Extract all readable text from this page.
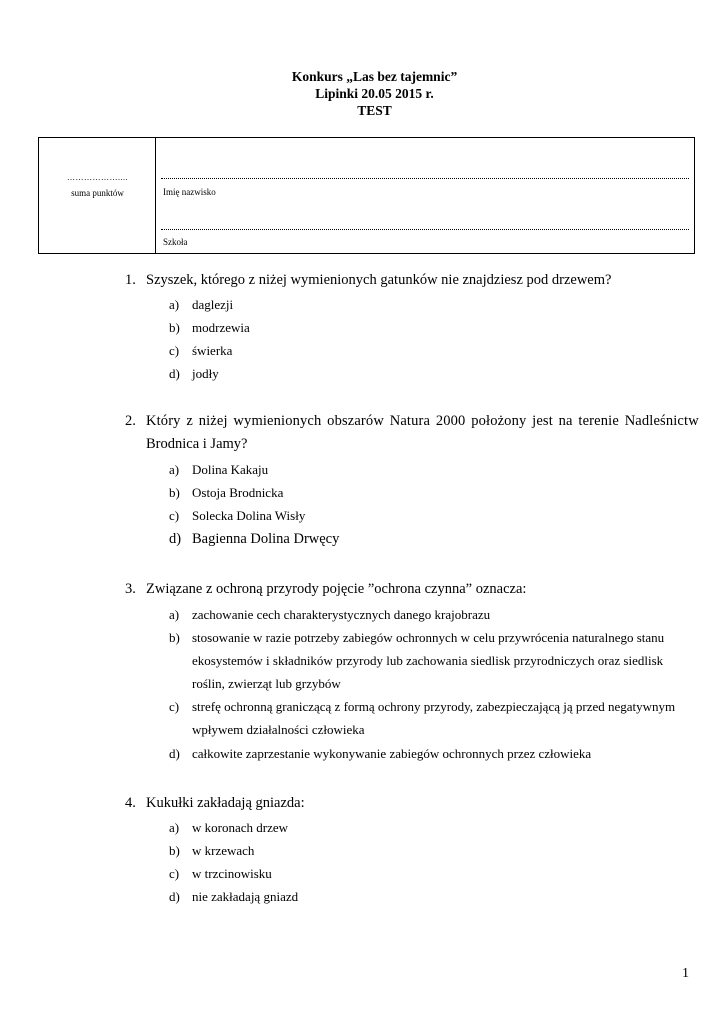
Konkurs „Las bez tajemnic”
Lipinki 20.05 2015 r.
TEST
………………....
suma punktów	Imię nazwisko
Szkoła
1. Szyszek, którego z niżej wymienionych gatunków nie znajdziesz pod drzewem?
a) daglezji
b) modrzewia
c) świerka
d) jodły
2. Który z niżej wymienionych obszarów Natura 2000 położony jest na terenie Nadleśnictw
Brodnica i Jamy?
a) Dolina Kakaju
b) Ostoja Brodnicka
c) Solecka Dolina Wisły
d) Bagienna Dolina Drwęcy
3. Związane z ochroną przyrody pojęcie ”ochrona czynna” oznacza:
a) zachowanie cech charakterystycznych danego krajobrazu
b) stosowanie w razie potrzeby zabiegów ochronnych w celu przywrócenia naturalnego stanu
ekosystemów i składników przyrody lub zachowania siedlisk przyrodniczych oraz siedlisk
roślin, zwierząt lub grzybów
c) strefę ochronną graniczącą z formą ochrony przyrody, zabezpieczającą ją przed negatywnym
wpływem działalności człowieka
d) całkowite zaprzestanie wykonywanie zabiegów ochronnych przez człowieka
4. Kukułki zakładają gniazda:
a) w koronach drzew
b) w krzewach
c) w trzcinowisku
d) nie zakładają gniazd
1
